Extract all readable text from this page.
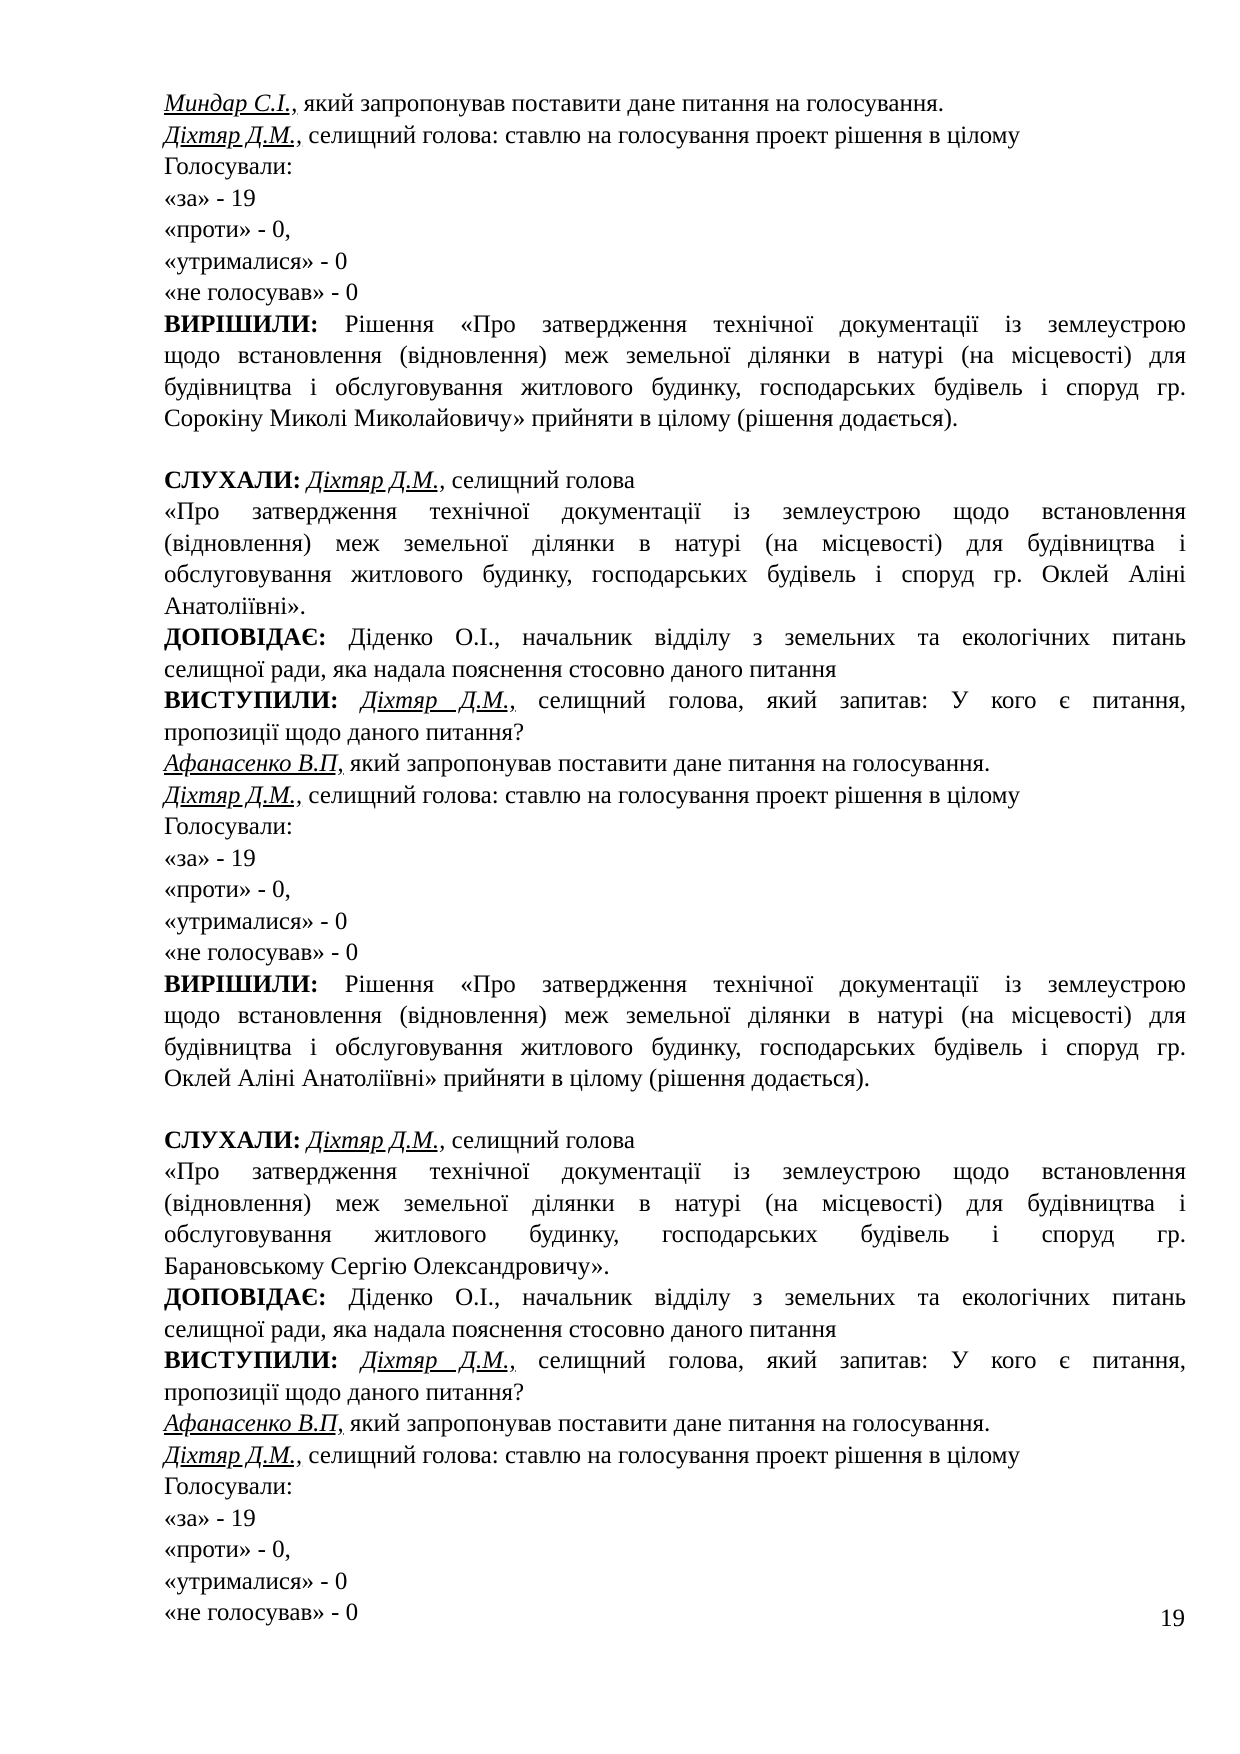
Миндар С.І., який запропонував поставити дане питання на голосування.
Діхтяр Д.М., селищний голова: ставлю на голосування проект рішення в цілому
Голосували:
«за» - 19
«проти» - 0,
«утрималися» - 0
«не голосував» - 0
ВИРІШИЛИ: Рішення «Про затвердження технічної документації із землеустрою
щодо встановлення (відновлення) меж земельної ділянки в натурі (на місцевості) для
будівництва і обслуговування житлового будинку, господарських будівель і споруд гр.
Сорокіну Миколі Миколайовичу» прийняти в цілому (рішення додається).
СЛУХАЛИ: Діхтяр Д.М., селищний голова
«Про затвердження технічної документації із землеустрою щодо встановлення
(відновлення) меж земельної ділянки в натурі (на місцевості) для будівництва і
обслуговування житлового будинку, господарських будівель і споруд гр. Оклей Аліні
Анатоліївні».
ДОПОВІДАЄ: Діденко О.І., начальник відділу з земельних та екологічних питань
селищної ради, яка надала пояснення стосовно даного питання
ВИСТУПИЛИ: Діхтяр Д.М., селищний голова, який запитав: У кого є питання,
пропозиції щодо даного питання?
Афанасенко В.П, який запропонував поставити дане питання на голосування.
Діхтяр Д.М., селищний голова: ставлю на голосування проект рішення в цілому
Голосували:
«за» - 19
«проти» - 0,
«утрималися» - 0
«не голосував» - 0
ВИРІШИЛИ: Рішення «Про затвердження технічної документації із землеустрою
щодо встановлення (відновлення) меж земельної ділянки в натурі (на місцевості) для
будівництва і обслуговування житлового будинку, господарських будівель і споруд гр.
Оклей Аліні Анатоліївні» прийняти в цілому (рішення додається).
СЛУХАЛИ: Діхтяр Д.М., селищний голова
«Про затвердження технічної документації із землеустрою щодо встановлення
(відновлення) меж земельної ділянки в натурі (на місцевості) для будівництва і
обслуговування житлового будинку, господарських будівель і споруд гр.
Барановському Сергію Олександровичу».
ДОПОВІДАЄ: Діденко О.І., начальник відділу з земельних та екологічних питань
селищної ради, яка надала пояснення стосовно даного питання
ВИСТУПИЛИ: Діхтяр Д.М., селищний голова, який запитав: У кого є питання,
пропозиції щодо даного питання?
Афанасенко В.П, який запропонував поставити дане питання на голосування.
Діхтяр Д.М., селищний голова: ставлю на голосування проект рішення в цілому
Голосували:
«за» - 19
«проти» - 0,
«утрималися» - 0
«не голосував» - 0	19
